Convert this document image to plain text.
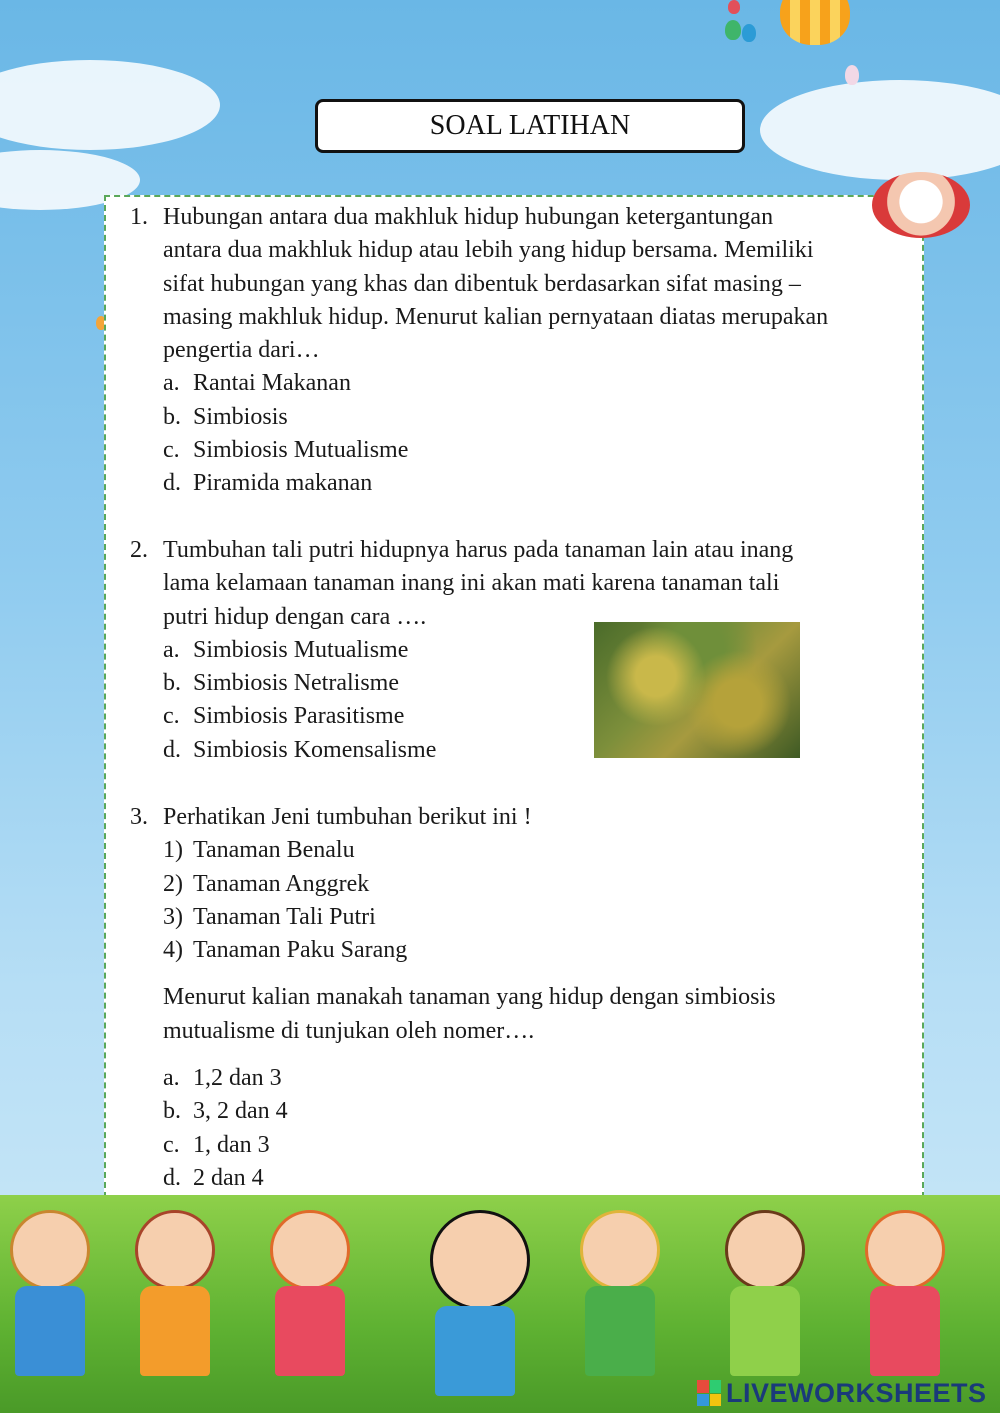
SOAL LATIHAN
1. Hubungan antara dua makhluk hidup hubungan ketergantungan
antara dua makhluk hidup atau lebih yang hidup bersama. Memiliki
sifat hubungan yang khas dan dibentuk berdasarkan sifat masing –
masing makhluk hidup. Menurut kalian pernyataan diatas merupakan
pengertia dari…
a. Rantai Makanan
b. Simbiosis
c. Simbiosis Mutualisme
d. Piramida makanan
2. Tumbuhan tali putri hidupnya harus pada tanaman lain atau inang
lama kelamaan tanaman inang ini akan mati karena tanaman tali
putri hidup dengan cara ….
a. Simbiosis Mutualisme
b. Simbiosis Netralisme
c. Simbiosis Parasitisme
d. Simbiosis Komensalisme
3. Perhatikan Jeni tumbuhan berikut ini !
1) Tanaman Benalu
2) Tanaman Anggrek
3) Tanaman Tali Putri
4) Tanaman Paku Sarang
Menurut kalian manakah tanaman yang hidup dengan simbiosis
mutualisme di tunjukan oleh nomer….
a. 1,2 dan 3
b. 3, 2 dan 4
c. 1, dan 3
d. 2 dan 4
LIVEWORKSHEETS
